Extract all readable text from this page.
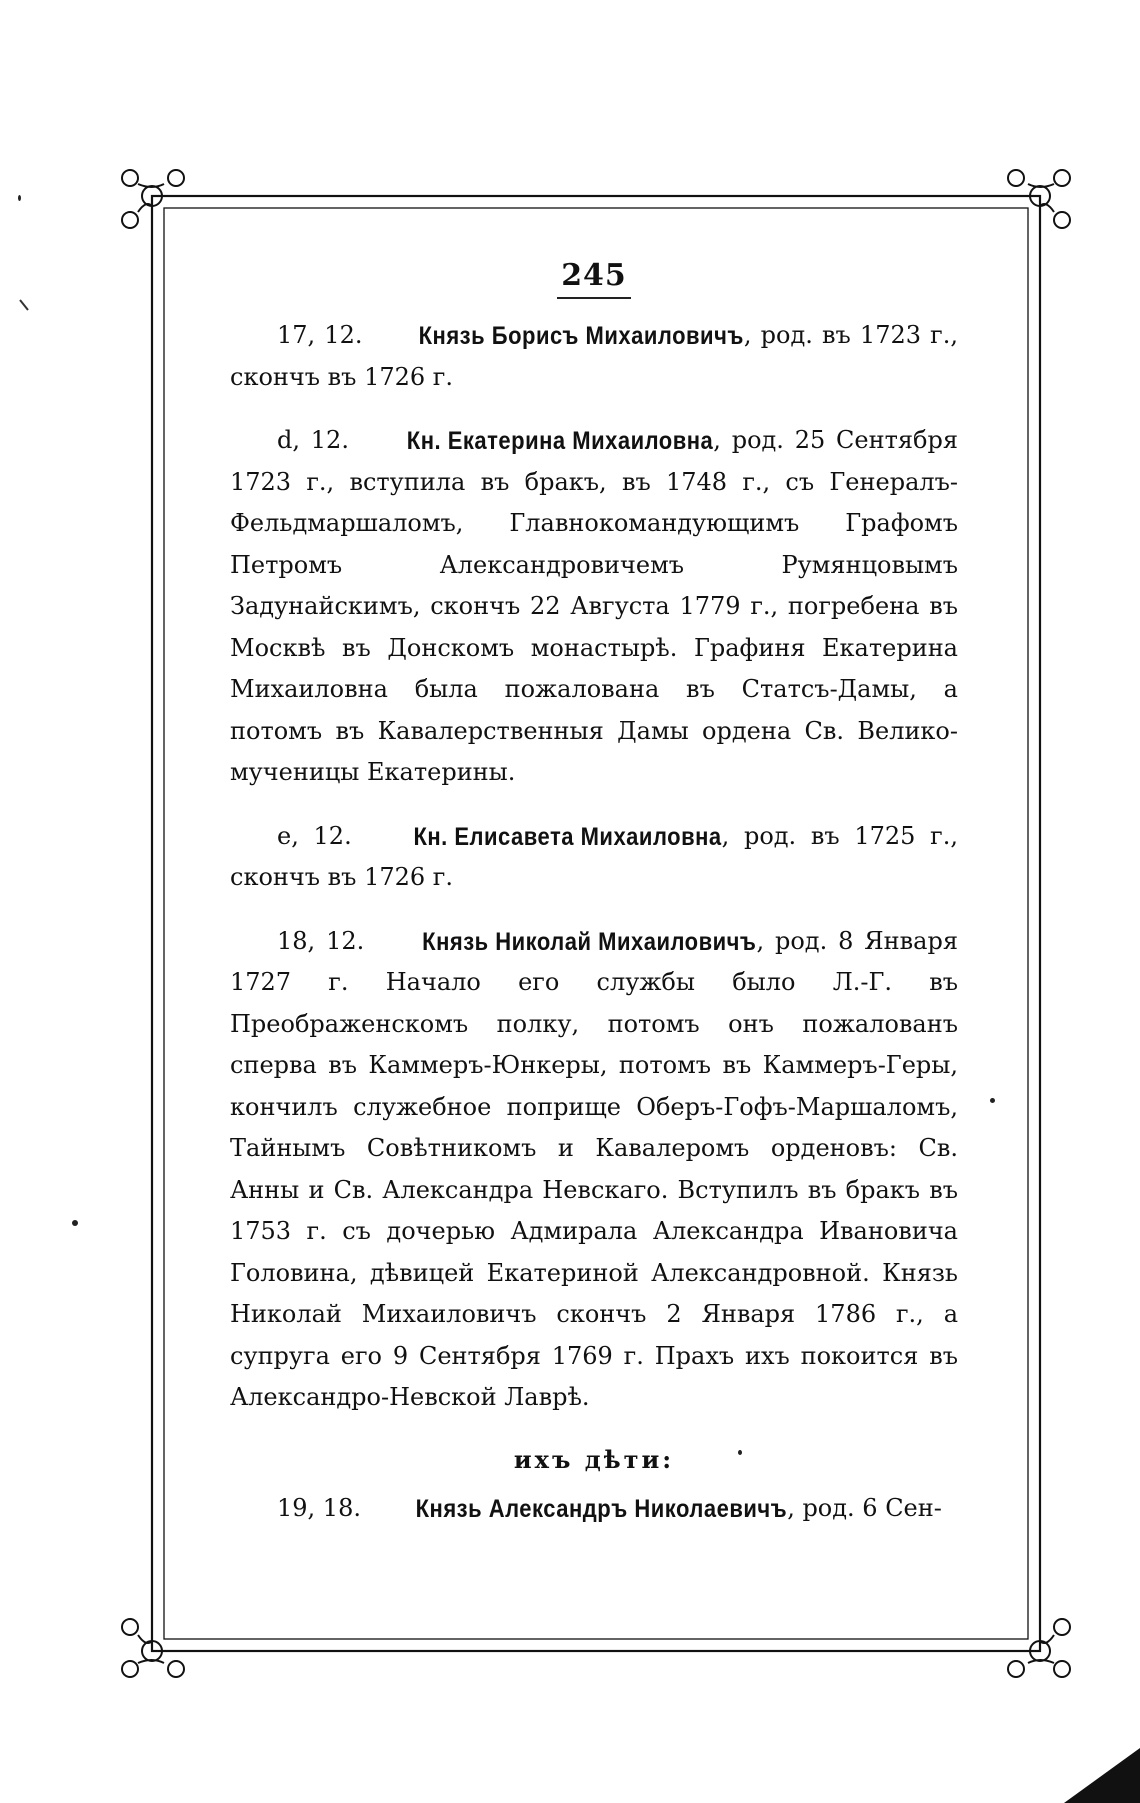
245

17, 12.	Князь Борисъ Михаиловичъ, род. въ 1723 г., скончъ въ 1726 г.

d, 12.	Кн. Екатерина Михаиловна, род. 25 Сентября 1723 г., вступила въ бракъ, въ 1748 г., съ Генералъ-Фельдмаршаломъ, Главнокомандующимъ Графомъ Петромъ Александровичемъ Румянцовымъ Задунайскимъ, скончъ 22 Августа 1779 г., погребена въ Москвѣ въ Донскомъ монастырѣ. Графиня Екатерина Михаиловна была пожалована въ Статсъ-Дамы, а потомъ въ Кавалерственныя Дамы ордена Св. Велико-мученицы Екатерины.

е, 12.	Кн. Елисавета Михаиловна, род. въ 1725 г., скончъ въ 1726 г.

18, 12.	Князь Николай Михаиловичъ, род. 8 Января 1727 г. Начало его службы было Л.-Г. въ Преображенскомъ полку, потомъ онъ пожалованъ сперва въ Каммеръ-Юнкеры, потомъ въ Каммеръ-Геры, кончилъ служебное поприще Оберъ-Гофъ-Маршаломъ, Тайнымъ Совѣтникомъ и Кавалеромъ орденовъ: Св. Анны и Св. Александра Невскаго. Вступилъ въ бракъ въ 1753 г. съ дочерью Адмирала Александра Ивановича Головина, дѣвицей Екатериной Александровной. Князь Николай Михаиловичъ скончъ 2 Января 1786 г., а супруга его 9 Сентября 1769 г. Прахъ ихъ покоится въ Александро-Невской Лаврѣ.

ихъ дѣти:

19, 18. Князь Александръ Николаевичъ, род. 6 Сен-
